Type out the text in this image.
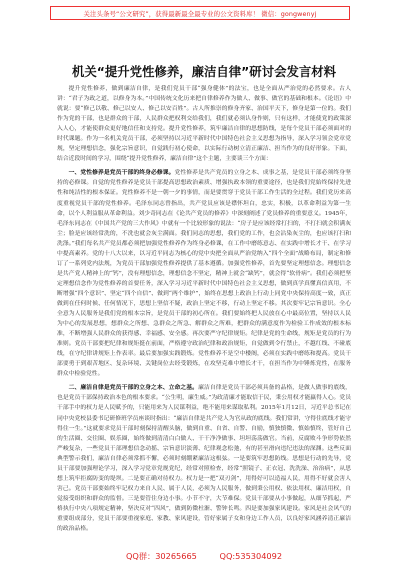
关注头条号“公文研究”，获得最新最全最专业的公文资料库！ 微信：gongwenyj
机关“提升党性修养，廉洁自律”研讨会发言材料

提升党性修养，做到廉洁自律，是我们党员干部“强身健体”的法宝，也是全面从严治党的必然要求。古人讲：“君子为政之道，以修身为本。”中国传统文化历来把自律修养作为做人、做事、做官的基础和根本。《论语》中就说：要“修己以敬、修己以安人、修己以安百姓”。古人所推崇的修身齐家、治国平天下，修身是第一位的。我们作为党的干部，也是群众的干部，人民群众把权利交给我们，我们就必须认身作则，只有这样，才能使党的政策深入人心，才能使群众更好地信任和支持党。提升党性修养，筑牢廉洁自律的思想防线，是每个党员干部必须面对的时代课题。作为一名机关党员干部，必须坚持以习近平新时代中国特色社会主义思想为指导，深入学习领会党章党规，坚定理想信念，强化宗旨意识，自觉践行初心使命，以实际行动树立清正廉洁、担当作为的良好形象。下面，结合近段时间的学习，围绕“提升党性修养，廉洁自律”这个主题，主要谈三个方面：

一、党性修养是党员干部的终身必修课。党性修养是共产党员的立身之本、成事之基，是党员干部必须终身坚持的必修课。自觉的党性修养是党员干部提高思想政治素质、增强执政本领的重要途径，也是我们党始终保持先进性和纯洁性的根本保证。党性修养不是一朝一夕的事情，而是要贯穿于党员干部工作生活的全过程。我们党历来高度重视党员干部的党性修养。毛泽东同志曾指出，共产党员应该是襟怀坦白，忠实，积极，以革命利益为第一生命，以个人利益服从革命利益。刘少奇同志在《论共产党员的修养》中深刻阐述了党员修养的重要意义。1945年，毛泽东同志在《中国共产党的三大作风》中就有一个比较形象的说法：“房子是应该经常打扫的，不打扫就会积满灰尘；脸是应该经常洗的，不洗也就会灰尘满面。我们同志的思想，我们党的工作，也会沾染灰尘的，也应该打扫和洗涤。”我们每名共产党员都必须把加强党性修养作为终身必修课，在工作中磨练意志、在实践中增长才干、在学习中提高素养。党的十八大以来，以习近平同志为核心的党中央把全面从严治党纳入“四个全面”战略布局，制定和修订了一系列党内法规，为党员干部加强党性修养提供了基本遵循。加强党性修养，首先要坚定理想信念。理想信念是共产党人精神上的“钙”，没有理想信念，理想信念不坚定，精神上就会“缺钙”，就会得“软骨病”。我们必须把坚定理想信念作为党性修养的首要任务，深入学习习近平新时代中国特色社会主义思想，做到真学真懂真信真用，不断增强“四个意识”、坚定“四个自信”、做到“两个维护”，始终在思想上政治上行动上同党中央保持高度一致，真正做到在任何时候、任何情况下，思想上坚信不疑，政治上坚定不移，行动上坚定不移。其次要牢记宗旨意识。全心全意为人民服务是我们党的根本宗旨，是党员干部的初心所在。我们要始终把人民放在心中最高位置，坚持以人民为中心的发展思想，想群众之所想、急群众之所急、解群众之所难，把群众的满意度作为检验工作成效的根本标准，不断增强人民群众的获得感、幸福感、安全感。再次要严守纪律规矩。纪律是党的生命线，规矩是党员的行为准则。党员干部要把纪律和规矩挺在前面，严格遵守政治纪律和政治规矩，自觉做到令行禁止，不越红线、不碰底线，在守纪律讲规矩上作表率。最后要加强实践锻炼。党性修养不是空中楼阁，必须在实践中磨练和提高。党员干部要勇于到艰苦地区、复杂环境、关键岗位去经受锻炼，在攻坚克难中增长才干，在担当作为中锤炼党性，在服务群众中检验党性。

二、廉洁自律是党员干部的立身之本、立命之基。廉洁自律是党员干部必须具备的品格，是做人做事的底线，也是党员干部保持政治本色的根本要求。“公生明，廉生威。”为政清廉才能取信于民，秉公用权才能赢得人心。党员干部手中的权力是人民赋予的，只能用来为人民谋利益，绝不能用来谋取私利。2015年1月12日，习近平总书记在同中央党校县委书记研修班学员座谈时指出：“廉洁自律是共产党人为官从政的底线。我们常讲，守得住底线才能守得住一生。”这就要求党员干部时刻保持清醒头脑，做到自重、自省、自警、自励，慎独慎微、慎始慎终，管好自己的生活圈、交往圈、娱乐圈，始终做到清清白白做人、干干净净做事、坦坦荡荡做官。当前，反腐败斗争形势依然严峻复杂，一些党员干部理想信念动摇、宗旨意识淡薄、纪律观念松弛，有的甚至滑向违纪违法的深渊。这些反面典型警示我们，廉洁自律必须常抓不懈，必须时刻绷紧廉洁这根弦。一是要筑牢思想防线。思想是行动的先导，党员干部要加强理论学习，深入学习党章党规党纪，经常对照检查，经常“照镜子、正衣冠、洗洗澡、治治病”，从思想上筑牢拒腐防变的堤坝。二是要正确对待权力。权力是一把“双刃剑”，用得好可以造福人民，用得不好就会害人害己。党员干部要始终牢记权力来自人民、属于人民，必须为人民服务，做到秉公用权、依法用权、廉洁用权，自觉接受组织和群众的监督。三是要管住身边小事。小节不守，大节难保。党员干部要从小事做起，从细节抓起，严格执行中央八项规定精神，坚决反对“四风”，做到防微杜渐、警钟长鸣。四是要加强家风建设。家风是社会风气的重要组成部分，党员干部要重视家庭、家教、家风建设，管好家属子女和身边工作人员，以良好家风涵养清正廉洁的政治品格。

QQ群：30265665	QQ:535304092
